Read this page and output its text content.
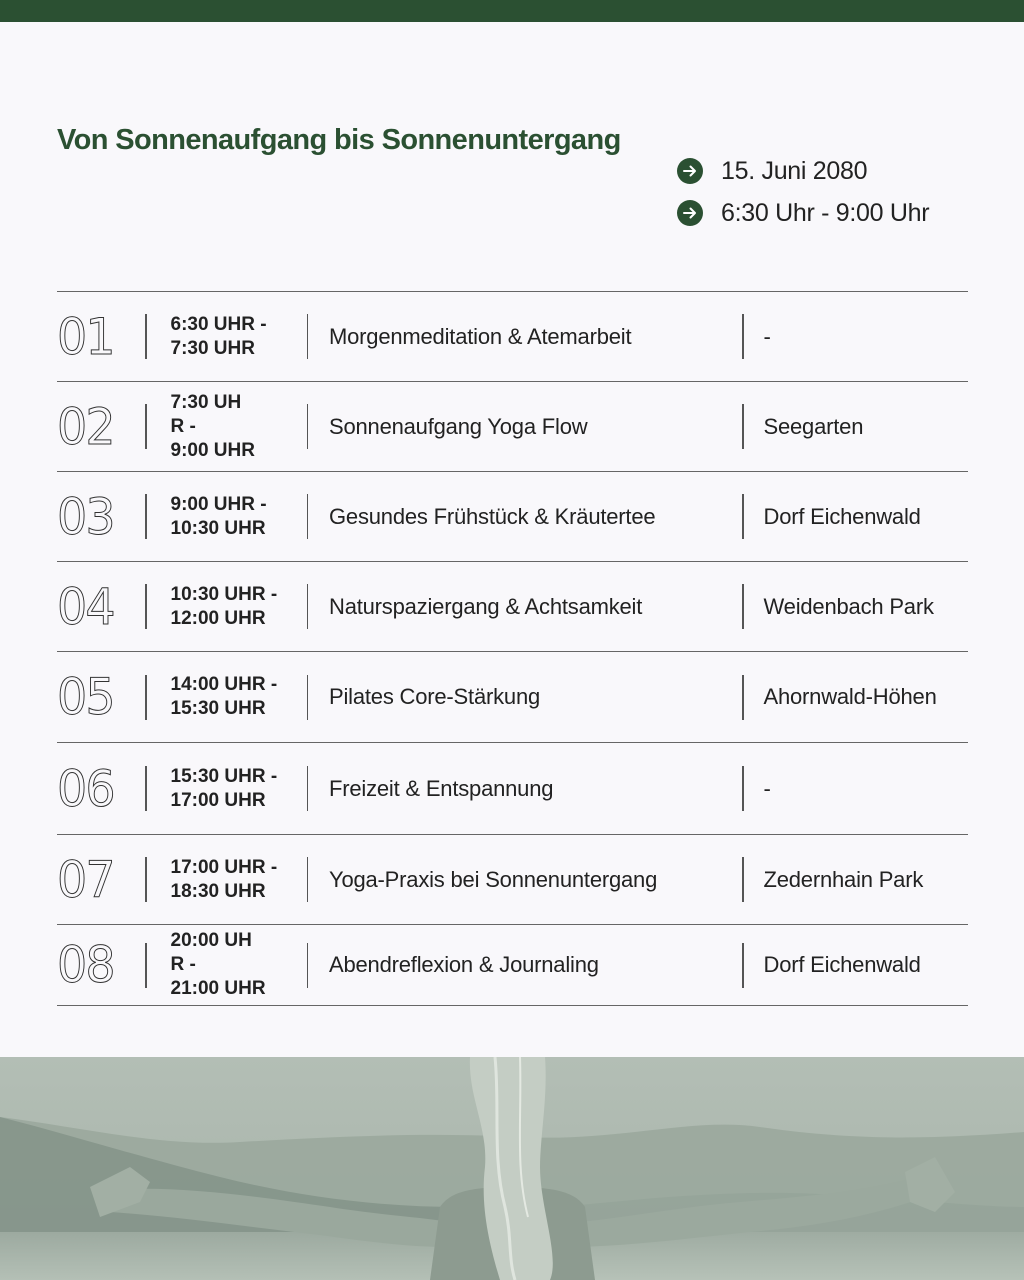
Von Sonnenaufgang bis Sonnenuntergang
15. Juni 2080
6:30 Uhr - 9:00 Uhr
01	6:30 UHR -
7:30 UHR	Morgenmeditation & Atemarbeit	-
02	7:30 UH
R -
9:00 UHR
Sonnenaufgang Yoga Flow	Seegarten
03	9:00 UHR -
10:30 UHR	Gesundes Frühstück & Kräutertee	Dorf Eichenwald
04	10:30 UHR -
12:00 UHR	Naturspaziergang & Achtsamkeit	Weidenbach Park
05	14:00 UHR -
15:30 UHR	Pilates Core-Stärkung	Ahornwald-Höhen
06	15:30 UHR -
17:00 UHR	Freizeit & Entspannung	-
07	17:00 UHR -
18:30 UHR	Yoga-Praxis bei Sonnenuntergang	Zedernhain Park
08	20:00 UH
R -
21:00 UHR
Abendreflexion & Journaling	Dorf Eichenwald
